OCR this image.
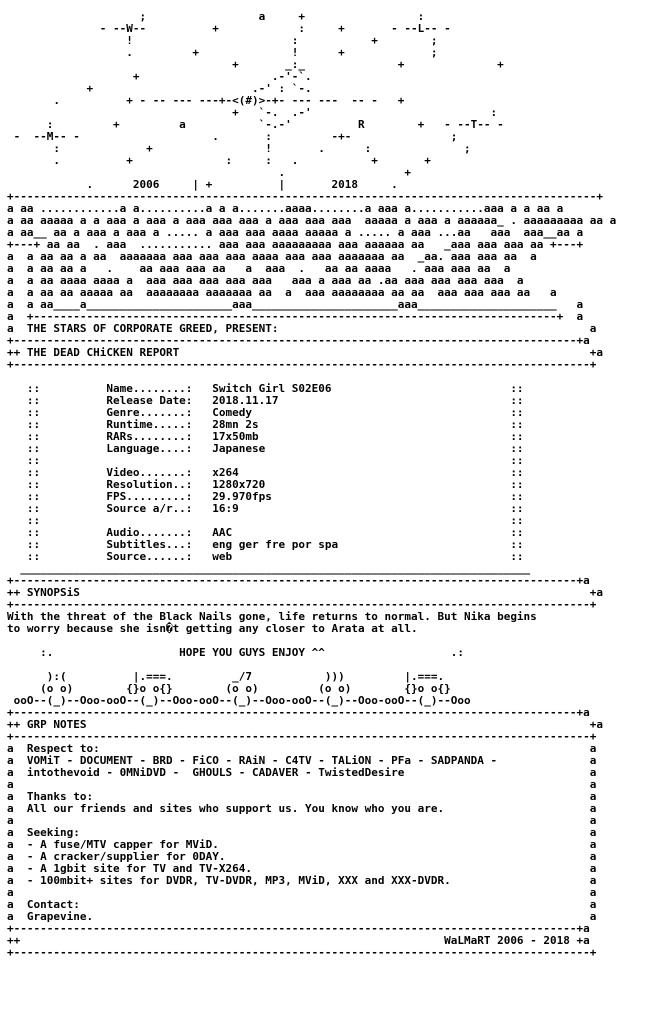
;                 a     +                 :
- --W--          +            :     +       - --L-- -
!                        :           +        ;
.         +              !      +             ;
+       _:_              +              +
+                    .-'-`.
+                        .-' : `-.
.          + - -- --- ---+-<(#)>-+- --- ---  -- -   +
+   `-.  .-'                           :
:         +         a           `-.-'          R        +   - --T-- -
-  --M-- -                    .       :         -+-               ;
:             +                 !       .      :              ;
.          +              :     :   .           +       +
.                  +
.      2006     | +          |       2018     .
+----------------------------------------------------------------------------------------+
a aa ............a a..........a a a.......aaaa........a aaa a...........aaa a a aa a
a aa aaaaa a a aaa a aaa a aaa aaa aaa a aaa aaa aaa  aaaaa a aaa a aaaaaa_ . aaaaaaaaa aa a
a aa__ aa a aaa a aaa a ..... a aaa aaa aaaa aaaaa a ..... a aaa ...aa   aaa  aaa__aa a
+---+ aa aa  . aaa  ........... aaa aaa aaaaaaaaa aaa aaaaaa aa   _aaa aaa aaa aa +---+
a  a aa aa a aa  aaaaaaa aaa aaa aaa aaaa aaa aaa aaaaaaa aa  _aa. aaa aaa aa  a
a  a aa aa a   .    aa aaa aaa aa   a  aaa  .   aa aa aaaa   . aaa aaa aa  a
a  a aa aaaa aaaa a  aaa aaa aaa aaa aaa   aaa a aaa aa .aa aaa aaa aaa aaa  a
a  a aa aa aaaaa aa  aaaaaaaa aaaaaaa aa  a  aaa aaaaaaaa aa aa  aaa aaa aaa aa   a
a  a aa____a______________________aaa______________________aaa_____________________   a
a  +-------------------------------------------------------------------------------+  a
a  THE STARS OF CORPORATE GREED, PRESENT:                                               a
+-------------------------------------------------------------------------------------+a
++ THE DEAD CHiCKEN REPORT                                                              +a
+---------------------------------------------------------------------------------------+
::          Name........:   Switch Girl S02E06                           ::
::          Release Date:   2018.11.17                                   ::
::          Genre.......:   Comedy                                       ::
::          Runtime.....:   28mn 2s                                      ::
::          RARs........:   17x50mb                                      ::
::          Language....:   Japanese                                     ::
::                                                                       ::
::          Video.......:   x264                                         ::
::          Resolution..:   1280x720                                     ::
::          FPS.........:   29.970fps                                    ::
::          Source a/r..:   16:9                                         ::
::                                                                       ::
::          Audio.......:   AAC                                          ::
::          Subtitles...:   eng ger fre por spa                          ::
::          Source......:   web                                          ::
_____________________________________________________________________________
+-------------------------------------------------------------------------------------+a
++ SYNOPSiS                                                                             +a
+---------------------------------------------------------------------------------------+
With the threat of the Black Nails gone, life returns to normal. But Nika begins
to worry because she isn�t getting any closer to Arata at all.
:.                   HOPE YOU GUYS ENJOY ^^                   .:
):(          |.===.         _/7           )))         |.===.
(o o)        {}o o{}        (o o)         (o o)        {}o o{}
ooO--(_)--Ooo-ooO--(_)--Ooo-ooO--(_)--Ooo-ooO--(_)--Ooo-ooO--(_)--Ooo
+-------------------------------------------------------------------------------------+a
++ GRP NOTES                                                                            +a
+---------------------------------------------------------------------------------------+
a  Respect to:                                                                          a
a  VOMiT - DOCUMENT - BRD - FiCO - RAiN - C4TV - TALiON - PFa - SADPANDA -              a
a  intothevoid - 0MNiDVD -  GHOULS - CADAVER - TwistedDesire                            a
a                                                                                       a
a  Thanks to:                                                                           a
a  All our friends and sites who support us. You know who you are.                      a
a                                                                                       a
a  Seeking:                                                                             a
a  - A fuse/MTV capper for MViD.                                                        a
a  - A cracker/supplier for 0DAY.                                                       a
a  - A 1gbit site for TV and TV-X264.                                                   a
a  - 100mbit+ sites for DVDR, TV-DVDR, MP3, MViD, XXX and XXX-DVDR.                     a
a                                                                                       a
a  Contact:                                                                             a
a  Grapevine.                                                                           a
+-------------------------------------------------------------------------------------+a
++                                                                WaLMaRT 2006 - 2018 +a
+---------------------------------------------------------------------------------------+
